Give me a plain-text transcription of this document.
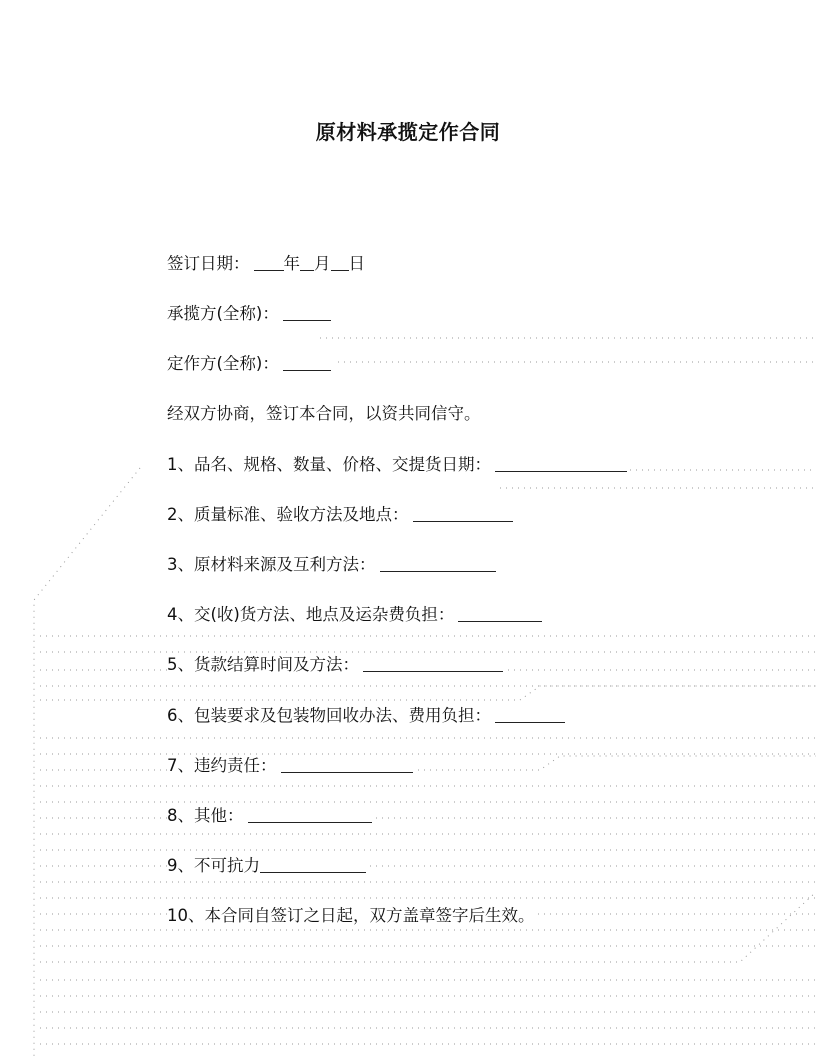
原材料承揽定作合同
签订日期： 年 月 日
承揽方(全称)：
定作方(全称)：
经双方协商，签订本合同，以资共同信守。
1、品名、规格、数量、价格、交提货日期：
2、质量标准、验收方法及地点：
3、原材料来源及互利方法：
4、交(收)货方法、地点及运杂费负担：
5、货款结算时间及方法：
6、包装要求及包装物回收办法、费用负担：
7、违约责任：
8、其他：
9、不可抗力
10、本合同自签订之日起，双方盖章签字后生效。
